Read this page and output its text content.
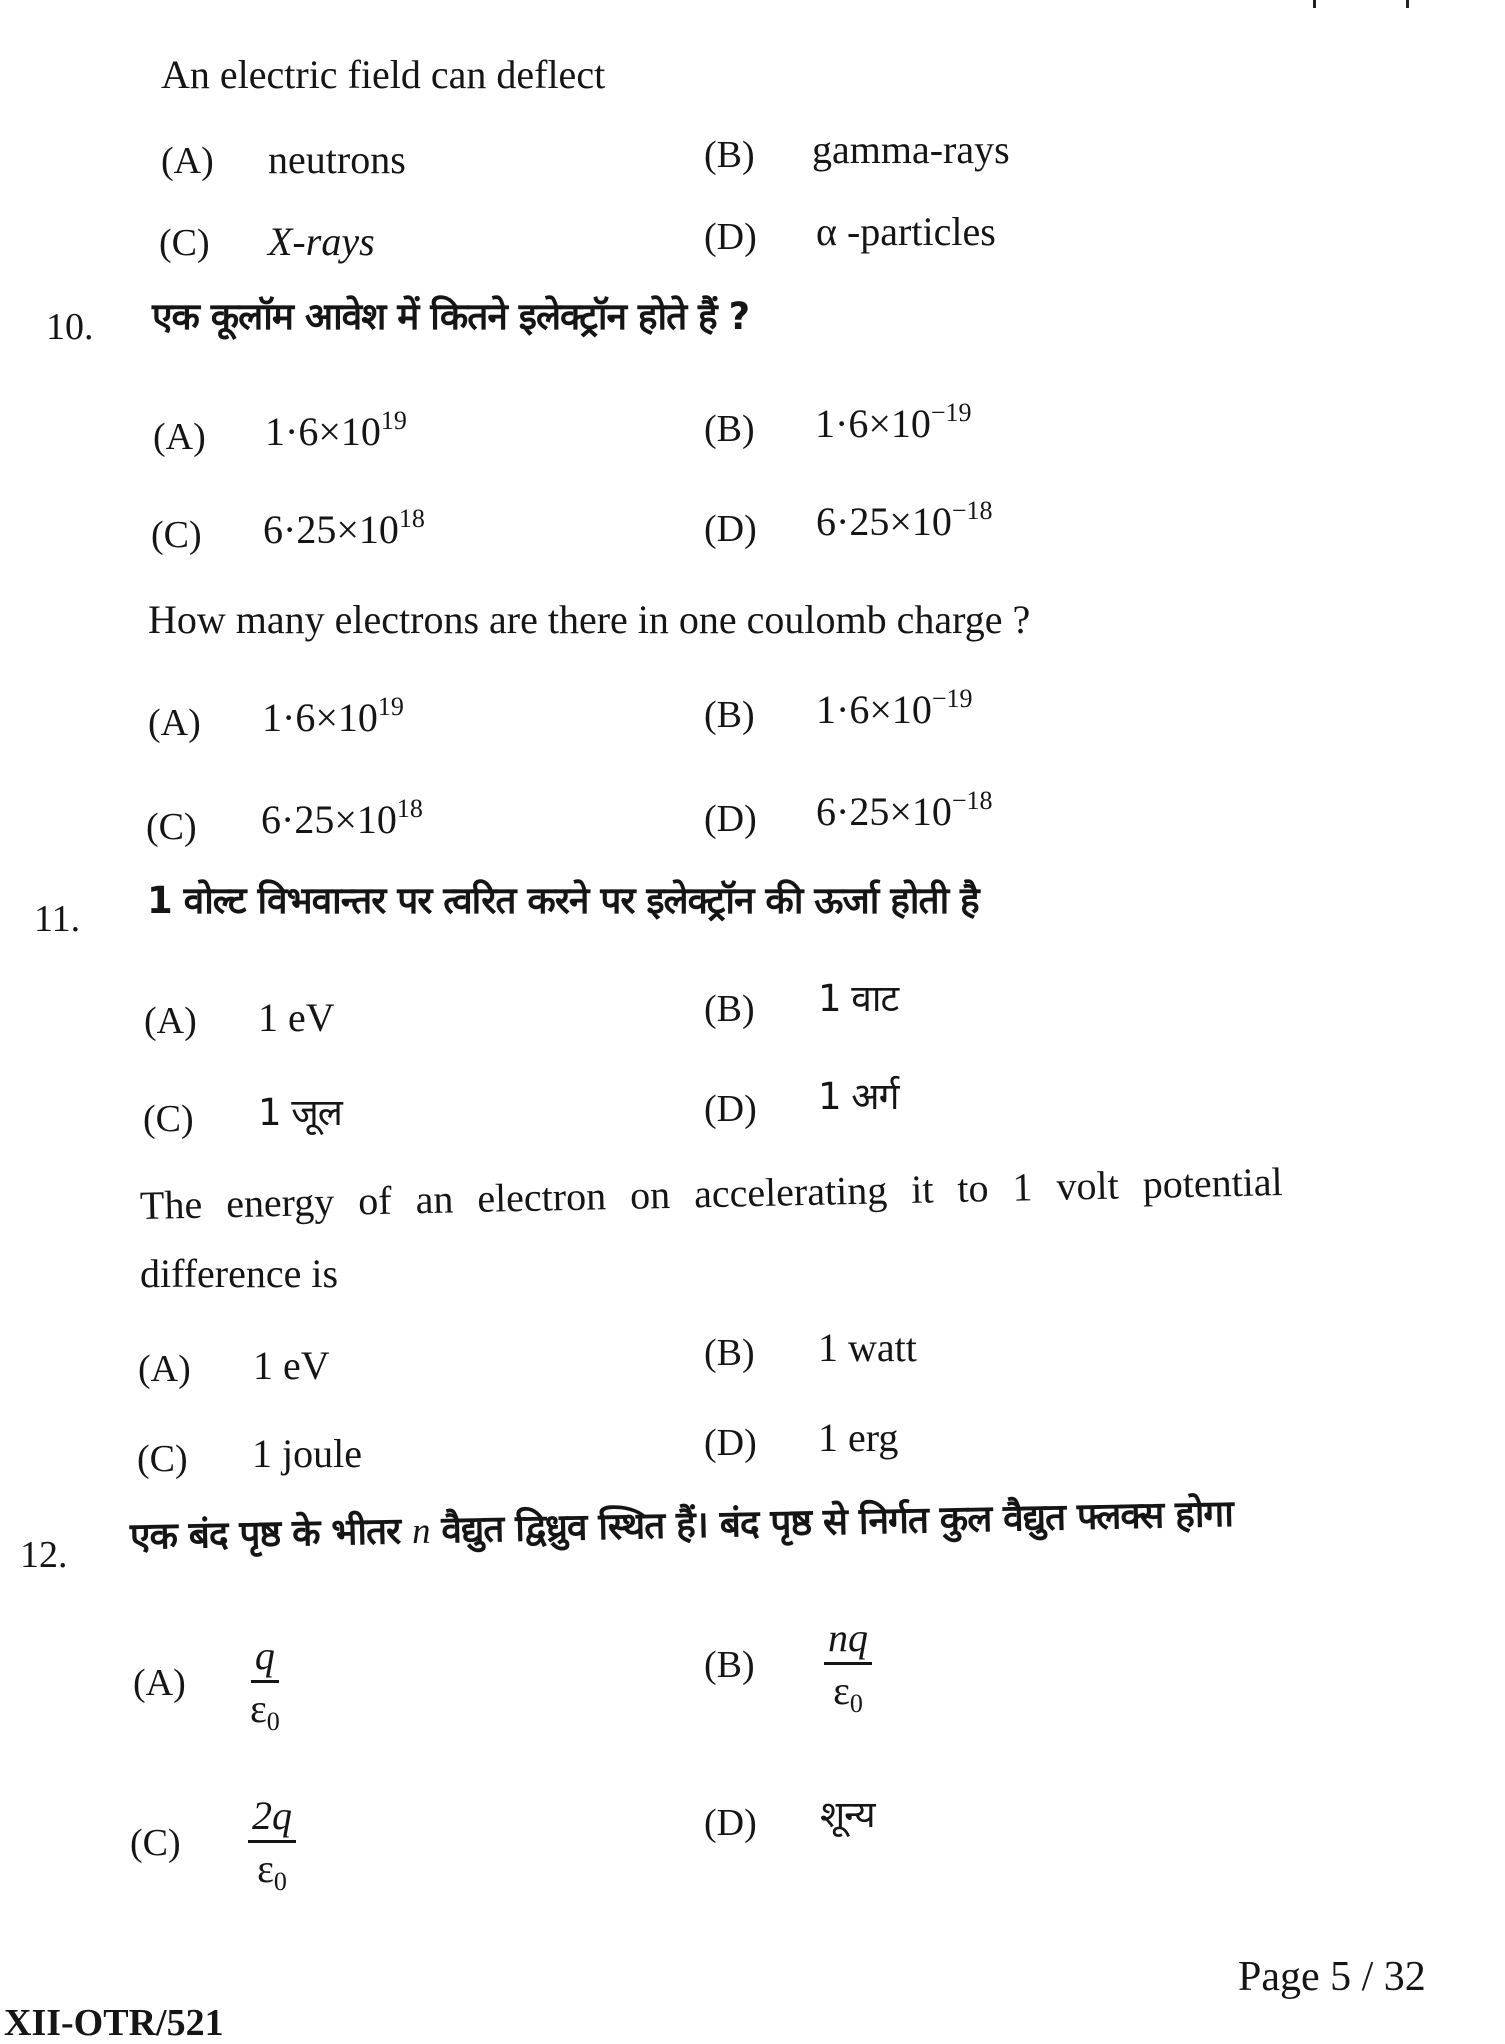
An electric field can deflect
(A) neutrons	(B) gamma-rays
(C) X-rays	(D) α -particles
10. एक कूलॉम आवेश में कितने इलेक्ट्रॉन होते हैं ?
(A) $1\cdot 6\times 10^{19}$	(B) $1\cdot 6\times 10^{-19}$
(C) $6\cdot 25\times 10^{18}$	(D) $6\cdot 25\times 10^{-18}$
How many electrons are there in one coulomb charge ?
(A) $1\cdot 6\times 10^{19}$	(B) $1\cdot 6\times 10^{-19}$
(C) $6\cdot 25\times 10^{18}$	(D) $6\cdot 25\times 10^{-18}$
11. 1 वोल्ट विभवान्तर पर त्वरित करने पर इलेक्ट्रॉन की ऊर्जा होती है
(A) 1 eV	(B) 1 वाट
(C) 1 जूल	(D) 1 अर्ग
The energy of an electron on accelerating it to 1 volt potential
difference is
(A) 1 eV	(B) 1 watt
(C) 1 joule	(D) 1 erg
12. एक बंद पृष्ठ के भीतर n वैद्युत द्विध्रुव स्थित हैं। बंद पृष्ठ से निर्गत कुल वैद्युत फ्लक्स होगा
$(A) \frac{q}{\varepsilon_0}$	$(B) \frac{nq}{\varepsilon_0}$
$(C) \frac{2q}{\varepsilon_0}$	(D) शून्य
Page 5 / 32
XII-OTR/521
